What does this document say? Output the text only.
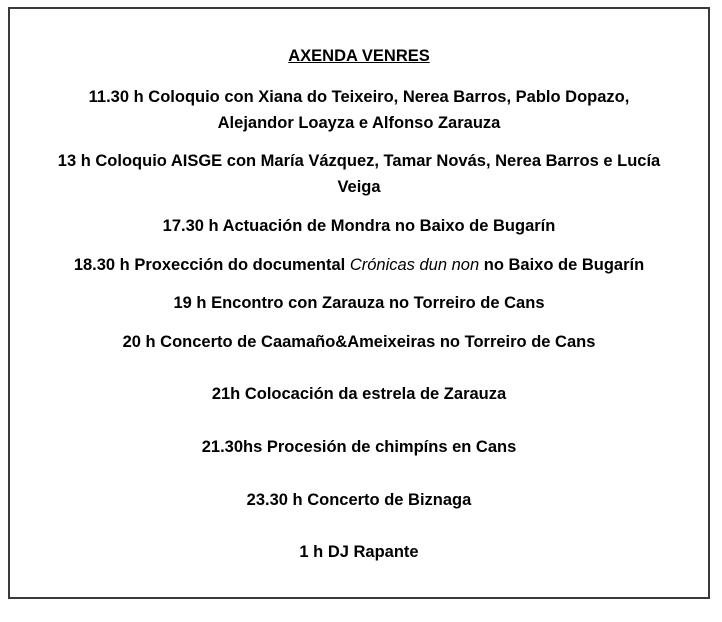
AXENDA VENRES
11.30 h Coloquio con Xiana do Teixeiro, Nerea Barros, Pablo Dopazo,
Alejandor Loayza e Alfonso Zarauza
13 h Coloquio AISGE con María Vázquez, Tamar Novás, Nerea Barros e Lucía
Veiga
17.30 h Actuación de Mondra no Baixo de Bugarín
18.30 h Proxección do documental Crónicas dun non no Baixo de Bugarín
19 h Encontro con Zarauza no Torreiro de Cans
20 h Concerto de Caamaño&Ameixeiras no Torreiro de Cans
21h Colocación da estrela de Zarauza
21.30hs Procesión de chimpíns en Cans
23.30 h Concerto de Biznaga
1 h DJ Rapante
